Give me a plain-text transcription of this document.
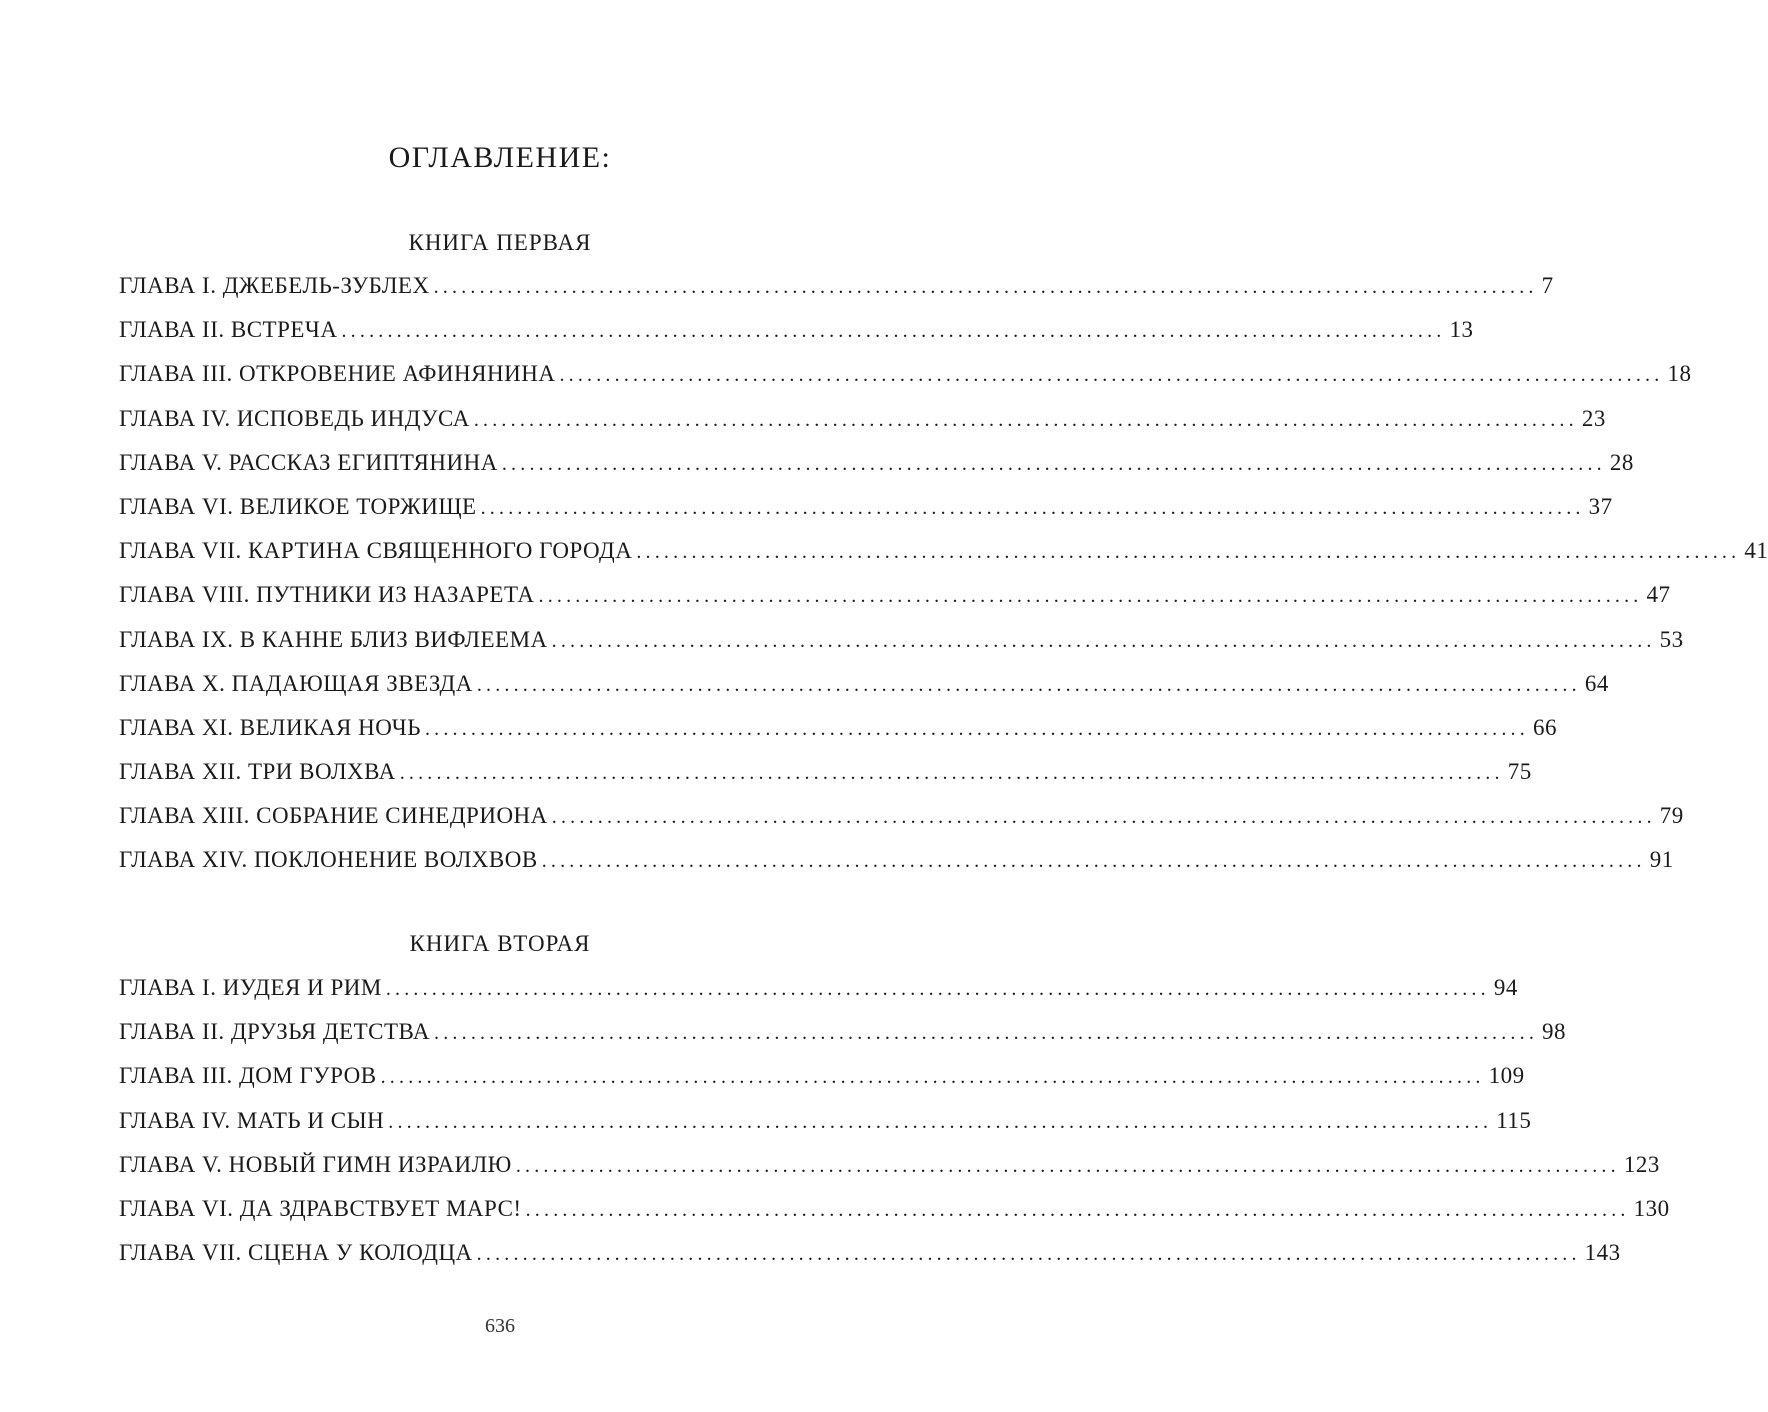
ОГЛАВЛЕНИЕ:
КНИГА ПЕРВАЯ
ГЛАВА I. ДЖЕБЕЛЬ-ЗУБЛЕХ ........................................................................................................................ 7
ГЛАВА II. ВСТРЕЧА ........................................................................................................................ 13
ГЛАВА III. ОТКРОВЕНИЕ АФИНЯНИНА ........................................................................................................................ 18
ГЛАВА IV. ИСПОВЕДЬ ИНДУСА ........................................................................................................................ 23
ГЛАВА V. РАССКАЗ ЕГИПТЯНИНА ........................................................................................................................ 28
ГЛАВА VI. ВЕЛИКОЕ ТОРЖИЩЕ ........................................................................................................................ 37
ГЛАВА VII. КАРТИНА СВЯЩЕННОГО ГОРОДА ........................................................................................................................ 41
ГЛАВА VIII. ПУТНИКИ ИЗ НАЗАРЕТА ........................................................................................................................ 47
ГЛАВА IX. В КАННЕ БЛИЗ ВИФЛЕЕМА ........................................................................................................................ 53
ГЛАВА X. ПАДАЮЩАЯ ЗВЕЗДА ........................................................................................................................ 64
ГЛАВА XI. ВЕЛИКАЯ НОЧЬ ........................................................................................................................ 66
ГЛАВА XII. ТРИ ВОЛХВА ........................................................................................................................ 75
ГЛАВА XIII. СОБРАНИЕ СИНЕДРИОНА ........................................................................................................................ 79
ГЛАВА XIV. ПОКЛОНЕНИЕ ВОЛХВОВ ........................................................................................................................ 91
КНИГА ВТОРАЯ
ГЛАВА I. ИУДЕЯ И РИМ ........................................................................................................................ 94
ГЛАВА II. ДРУЗЬЯ ДЕТСТВА ........................................................................................................................ 98
ГЛАВА III. ДОМ ГУРОВ ........................................................................................................................ 109
ГЛАВА IV. МАТЬ И СЫН ........................................................................................................................ 115
ГЛАВА V. НОВЫЙ ГИМН ИЗРАИЛЮ ........................................................................................................................ 123
ГЛАВА VI. ДА ЗДРАВСТВУЕТ МАРС! ........................................................................................................................ 130
ГЛАВА VII. СЦЕНА У КОЛОДЦА ........................................................................................................................ 143
636
